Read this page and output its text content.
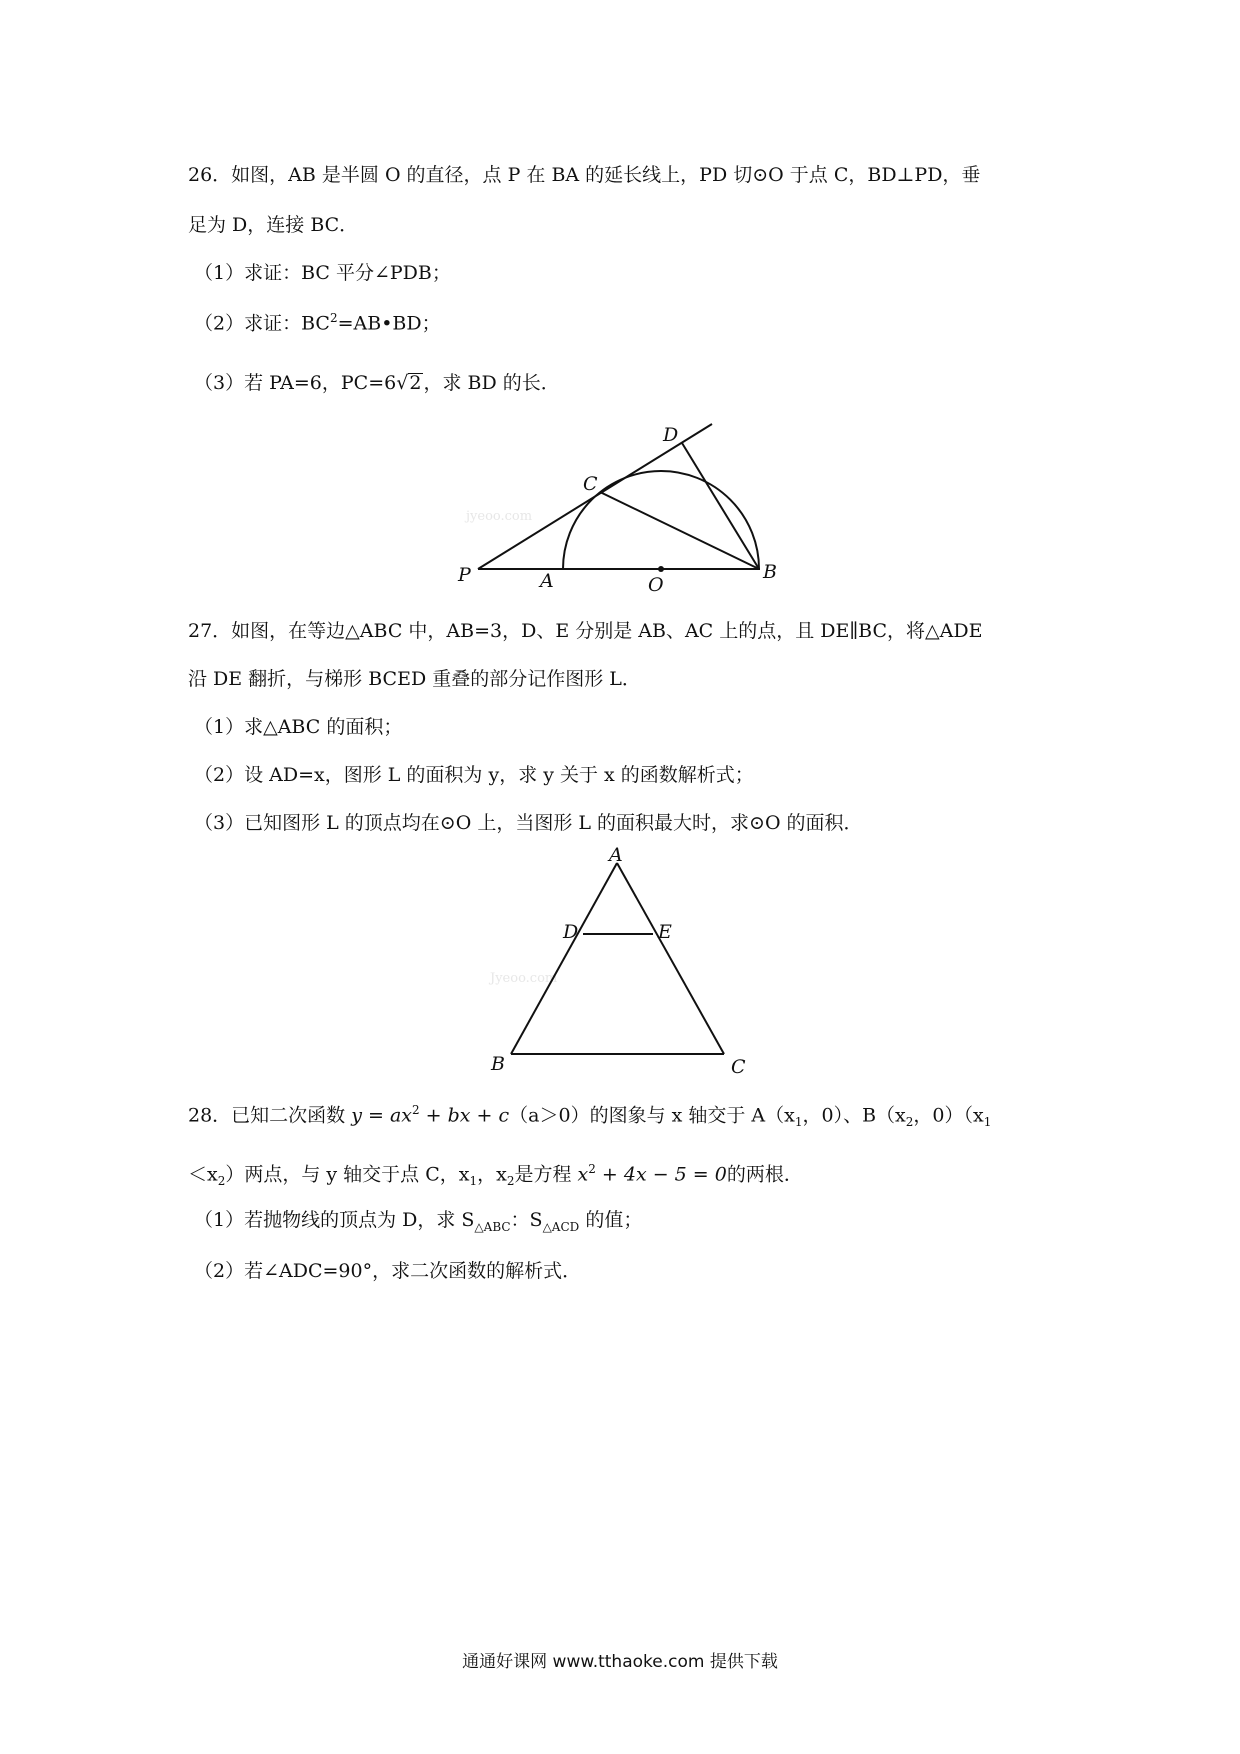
26．如图，AB 是半圆 O 的直径，点 P 在 BA 的延长线上，PD 切⊙O 于点 C，BD⊥PD，垂
足为 D，连接 BC．
（1）求证：BC 平分∠PDB；
（2）求证：$BC^2=AB•BD$；
（3）若 PA=6，PC=6√2 ，求 BD 的长．
jyeoo.com
P	A	O
B
C
D
27．如图，在等边△ABC 中，AB=3，D、E 分别是 AB、AC 上的点，且 DE∥BC，将△ADE
沿 DE 翻折，与梯形 BCED 重叠的部分记作图形 L．
（1）求△ABC 的面积；
（2）设 AD=x，图形 L 的面积为 y，求 y 关于 x 的函数解析式；
（3）已知图形 L 的顶点均在⊙O 上，当图形 L 的面积最大时，求⊙O 的面积．
Jyeoo.com
A
D	E
B	C
28．已知二次函数 $y = ax^2$ + bx + c（a＞0）的图象与 x 轴交于 $A(x_1$，0）、$B(x_2$，$0)(x_1$
$<x_2$）两点，与 y 轴交于点 C，$x_1$，$x_2$是方程 $x^2 + 4x - 5 = 0$的两根．
（1）若抛物线的顶点为 D，求 $S_{\triangle ABC}$：$S_{\triangle ACD}$ 的值；
（2）若∠ADC=90°，求二次函数的解析式．
通通好课网 www.tthaoke.com 提供下载
